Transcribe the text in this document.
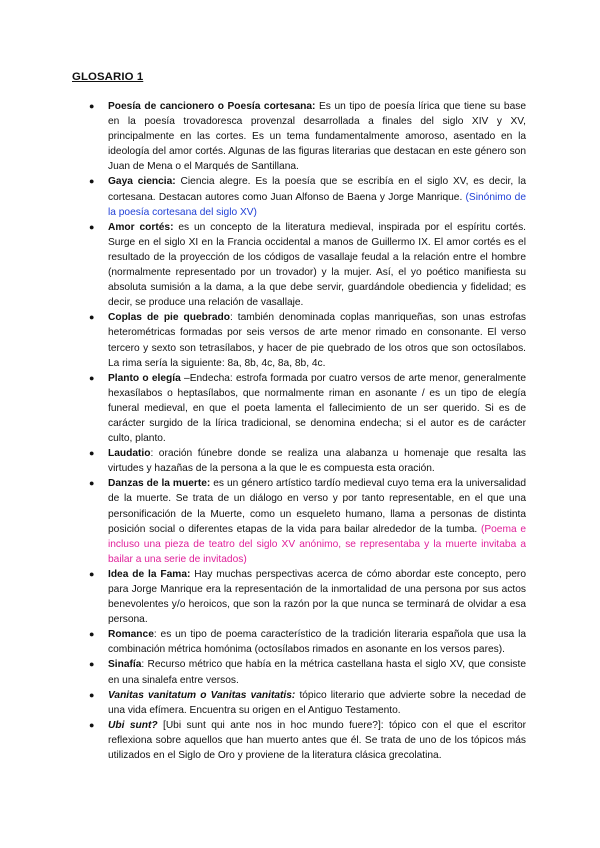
GLOSARIO 1
● Poesía de cancionero o Poesía cortesana: Es un tipo de poesía lírica que tiene su base en la poesía trovadoresca provenzal desarrollada a finales del siglo XIV y XV, principalmente en las cortes. Es un tema fundamentalmente amoroso, asentado en la ideología del amor cortés. Algunas de las figuras literarias que destacan en este género son Juan de Mena o el Marqués de Santillana.
● Gaya ciencia: Ciencia alegre. Es la poesía que se escribía en el siglo XV, es decir, la cortesana. Destacan autores como Juan Alfonso de Baena y Jorge Manrique. (Sinónimo de la poesía cortesana del siglo XV)
● Amor cortés: es un concepto de la literatura medieval, inspirada por el espíritu cortés. Surge en el siglo XI en la Francia occidental a manos de Guillermo IX. El amor cortés es el resultado de la proyección de los códigos de vasallaje feudal a la relación entre el hombre (normalmente representado por un trovador) y la mujer. Así, el yo poético manifiesta su absoluta sumisión a la dama, a la que debe servir, guardándole obediencia y fidelidad; es decir, se produce una relación de vasallaje.
● Coplas de pie quebrado: también denominada coplas manriqueñas, son unas estrofas heterométricas formadas por seis versos de arte menor rimado en consonante. El verso tercero y sexto son tetrasílabos, y hacer de pie quebrado de los otros que son octosílabos. La rima sería la siguiente: 8a, 8b, 4c, 8a, 8b, 4c.
● Planto o elegía –Endecha: estrofa formada por cuatro versos de arte menor, generalmente hexasílabos o heptasílabos, que normalmente riman en asonante / es un tipo de elegía funeral medieval, en que el poeta lamenta el fallecimiento de un ser querido. Si es de carácter surgido de la lírica tradicional, se denomina endecha; si el autor es de carácter culto, planto.
● Laudatio: oración fúnebre donde se realiza una alabanza u homenaje que resalta las virtudes y hazañas de la persona a la que le es compuesta esta oración.
● Danzas de la muerte: es un género artístico tardío medieval cuyo tema era la universalidad de la muerte. Se trata de un diálogo en verso y por tanto representable, en el que una personificación de la Muerte, como un esqueleto humano, llama a personas de distinta posición social o diferentes etapas de la vida para bailar alrededor de la tumba. (Poema e incluso una pieza de teatro del siglo XV anónimo, se representaba y la muerte invitaba a bailar a una serie de invitados)
● Idea de la Fama: Hay muchas perspectivas acerca de cómo abordar este concepto, pero para Jorge Manrique era la representación de la inmortalidad de una persona por sus actos benevolentes y/o heroicos, que son la razón por la que nunca se terminará de olvidar a esa persona.
● Romance: es un tipo de poema característico de la tradición literaria española que usa la combinación métrica homónima (octosílabos rimados en asonante en los versos pares).
● Sinafía: Recurso métrico que había en la métrica castellana hasta el siglo XV, que consiste en una sinalefa entre versos.
● Vanitas vanitatum o Vanitas vanitatis: tópico literario que advierte sobre la necedad de una vida efímera. Encuentra su origen en el Antiguo Testamento.
● Ubi sunt? [Ubi sunt qui ante nos in hoc mundo fuere?]: tópico con el que el escritor reflexiona sobre aquellos que han muerto antes que él. Se trata de uno de los tópicos más utilizados en el Siglo de Oro y proviene de la literatura clásica grecolatina.
